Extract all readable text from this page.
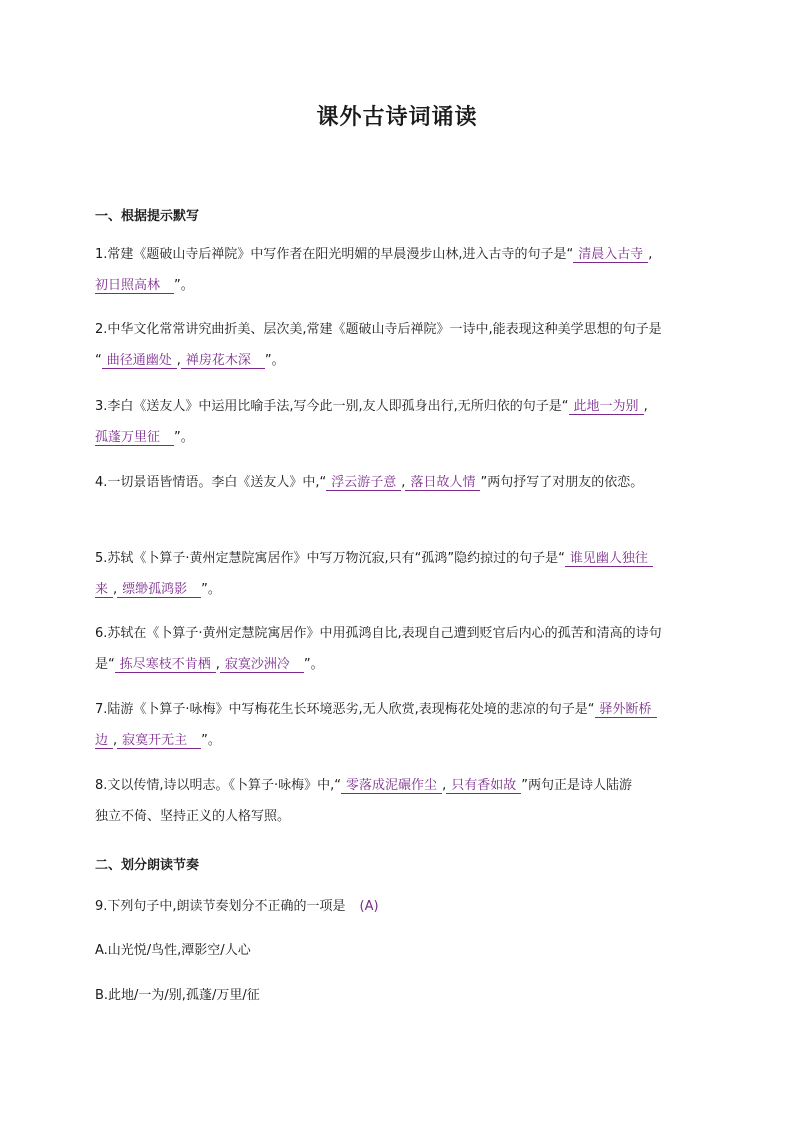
课外古诗词诵读
一、根据提示默写
1.常建《题破山寺后禅院》中写作者在阳光明媚的早晨漫步山林,进入古寺的句子是“ 清晨入古寺 ,
初日照高林 ”。
2.中华文化常常讲究曲折美、层次美,常建《题破山寺后禅院》一诗中,能表现这种美学思想的句子是
“ 曲径通幽处 , 禅房花木深 ”。
3.李白《送友人》中运用比喻手法,写今此一别,友人即孤身出行,无所归依的句子是“ 此地一为别 ,
孤蓬万里征 ”。
4.一切景语皆情语。李白《送友人》中,“ 浮云游子意 , 落日故人情 ”两句抒写了对朋友的依恋。
5.苏轼《卜算子·黄州定慧院寓居作》中写万物沉寂,只有“孤鸿”隐约掠过的句子是“ 谁见幽人独往
来 , 缥缈孤鸿影 ”。
6.苏轼在《卜算子·黄州定慧院寓居作》中用孤鸿自比,表现自己遭到贬官后内心的孤苦和清高的诗句
是“ 拣尽寒枝不肯栖 , 寂寞沙洲冷 ”。
7.陆游《卜算子·咏梅》中写梅花生长环境恶劣,无人欣赏,表现梅花处境的悲凉的句子是“ 驿外断桥
边 , 寂寞开无主 ”。
8.文以传情,诗以明志。《卜算子·咏梅》中,“ 零落成泥碾作尘 , 只有香如故 ”两句正是诗人陆游
独立不倚、坚持正义的人格写照。
二、划分朗读节奏
9.下列句子中,朗读节奏划分不正确的一项是 (A)
A.山光悦/鸟性,潭影空/人心
B.此地/一为/别,孤蓬/万里/征
